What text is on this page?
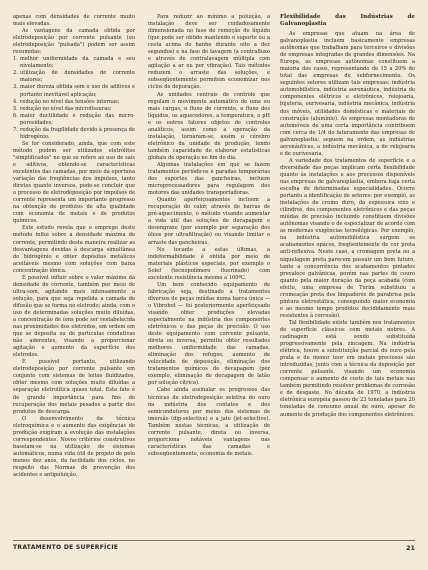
apenas com densidades de corrente muito mais elevadas.

As vantagens da camada obtida por eletrodeposição por corrente pulsante (ou eletrodeposição "pulsada") podem ser assim resumidas:

1. melhor uniformidade da camada e seu nivelamento;

2. utilização de densidades de corrente maiores;

3. maior dureza obtida sem o uso de aditivos e portanto inevitável aplicação;

4. redução no nível das tensões internas;

5. redução no nível das microfissuras;

6. maior ductilidade e redução das micro-porosidades;

7. redução da fragilidade devido à presença de hidrogênio.

Se for considerado, ainda, que com este método podem ser utilizados eletrólitos "simplificados" no que se refere ao uso de sais e aditivos, obtendo-se características excelentes das camadas, por meio da oportuna variação das freqüências dos impulsos, tanto diretos quanto inversos, pode-se concluir que o processo de eletrodeposição por impulsos de corrente representa um importante progresso na obtenção de produtos de alta qualidade com economia de metais e de produtos químicos.

Este estudo revela que o emprego deste método influi sobre a densidade máxima de corrente, permitindo desta maneira realizar as desvantagens devidas à descarga simultânea do hidrogênio e obter depósitos metálicos aceitáveis mesmo com soluções com baixa concentração iônica.

É possível influir sobre o valor máximo da densidade de corrente, também por meio de ultra-som, agitando mais intensamente a solução, para que seja repelida a camada de difusão que se forma no eletrodo; ainda, com o uso de determinadas soluções muito diluídas, a concentração de íons pode ser restabelecida nas proximidades dos eletrodos, em ordem em que se deposita ou de partículas condutivas não aderentes, visando a proporcionar agitação e aumento da superfície dos eletrodos.

É possível portanto, utilizando eletrodeposição por corrente pulsante em conjunto com sistemas de leitos fluidizados, obter mesmo com soluções muito diluídas a separação eletrolítica quase total. Este fato é de grande importância para fins de recuperação dos metais pesados a partir dos produtos de descarga.

O desenvolvimento da técnica eletroquímica e o aumento das exigências de produção exigiram a evolução das instalações correspondentes. Novos critérios construtivos baseiam-se na utilização de sistemas automáticos, numa vida útil de projeto de pelo menos dez anos, da facilidade dos ciclos, no respeito das Normas de prevenção dos acidentes e antipoluição.

Para reduzir ao mínimo a poluição, a instalação deve ser cuidadosamente dimensionada no fase de remoção de líquido (que pode ser obtido mantendo o suporte ou a cesta acima do banho durante oito a dez segundos) e na fase de lavagem (a contrafluxo e através de contralavagem múltipla com agitação a ar ou por vibração). Tais métodos reduzem o arraste das soluções, e subseqüentemente permitem economizar nos ciclos de depuração.

As unidades centrais de controle que regulam o movimento automático de uma ou mais cargas, o fluxo de corrente, o fluxo dos líquidos, os aquecedores, a temperatura, o pH e os outros fatores objetos de controles analíticos, assim como a operação da instalação, tornaram-se, assim o cérebro eletrônico da unidade de produção, tendo também capacidade de elaborar estatísticas globais de operação no fim do dia.

Algumas instalações em que se fazem tratamentos periódicos e paradas temporárias dos suportes das gancheiras, incluem microprocessadores para regulagem dos motores das unidades transportadoras.

Quanto aperfeiçoamentos incluem a recuperação do calor, através de barras de pré-aquecimento, o método visando aumentar a vida útil das soluções de decapagem e desengraxe (por exemplo por separação dos óleos por ultrafiltração) ou visando limitar o arraste das gancheiras.

No tocante a estas últimas, a indeformabilidade é obtida por meio de materiais plásticos especiais, por exemplo o Solef (tecnopolímero fluorinado) com excelente resistência mesmo a 160ºC.

Um bem conhecido equipamento de fabricação seja, destinado a tratamentos diversos de peças miúdas numa barca única — o Vibrobot — foi posteriormente aperfeiçoado visando obter produções elevadas especialmente na indústria dos componentes eletrônicos e das peças de precisão. O uso deste equipamento com corrente pulsante, direta ou inversa, permitiu obter resultados melhores uniformidade das camadas, eliminação dos refugos, aumento de velocidade de deposição, eliminação dos tratamentos químicos de decapagem (por exemplo, eliminação de decapagem de latão por solução cítrica).

Cabe ainda assinalar os progressos das técnicas de eletrodeposição seletiva do ouro na indústria dos contatos e dos semicondutores por meios dos sistemas de imersão (dip-selective) e a jato (jet-selective). Também nestas técnicas, a utilização de corrente pulsante, direta ou inversa, proporciona notáveis vantagens nas características das camadas e subseqüentemente, economia de metais.

Flexibilidade das Indústrias de Galvanoplastia

As empresas que atuam na área de galvanoplastia incluem basicamente empresas autônomas que trabalham para terceiros e divisões de empresas integradas de grandes dimensões. Na Europa, as empresas autônomas constituem a maioria dos casos, representando de 15 a 20% do total das empresas de subfornecimento. Os seguintes setores utilizam tais empresas: indústria automobilística, indústria aeronáutica, indústria de componentes elétricos e eletrônicos, relojoaria, bijuteria, ourivesaria, indústria mecânica, indústria dos móveis, utilidades domésticas e materiais de construção (alumínio). As empresas montadoras de automóveis de uma certa importância contribuem com cerca de 1/4 do faturamento das empresas de galvanoplastia; seguem na ordem, as indústrias aeronáuticas, a indústria mecânica, a de relojoaria e de ourivesaria.

A variedade dos tratamentos de superfície e a diversidade das peças implicam certa flexibilidade quanto às instalações e aos processos disponíveis nas empresas de galvanoplastia, embora haja certa escolha de determinadas especialidades. Ocorre portanto a identificação de setores: por exemplo, as instalações de cromo duro, da espessura eixo e cilindros, dos componentes eletrônicos e das peças miúdas de precisão incluindo constituem divisões autônomas visando o de especializar de acordo com as modernas exigências tecnológicas. Por exemplo, na indústria automobilística surgem os acabamentos opacos, freqüentemente de cor preta anti-reflexiva. Neste caso, a cromagem preta ou a niquelagem preta parecem possuir um bom futuro, tanto a concorrência dos acabamentos pintados prevalece galvânicas, porém nas partes de couro quanto pela maior duração da peça acabada (com efeito, uma empresa de Turim substituiu a cromeação preta dos limpadores de parabrisa pela pintura eletrostática, conseguindo maior economia e ao mesmo tempo produtos decididamente mais resistentes à corrosão).

Tal flexibilidade existe também nos tratamentos de superfície clássicos com metais nobres. A cadinagem está sendo substituída progressivamente pela zincagem. Na indústria elétrica, houve a substituição parcial do ouro pela prata e de menor teor em metais preciosos são introduzidas, junto com a técnica da deposição por corrente pulsante, visando um economia compensar o aumento de custo de tais metais nas também permitindo resolver problemas de corrosão e de desgaste. No década de 1970, a indústria eletrônica européia passou de 23 toneladas para 20 toneladas de consumo anual de ouro, apesar do aumento de produção dos componentes eletrônicos.

TRATAMENTO DE SUPERFÍCIE	21
